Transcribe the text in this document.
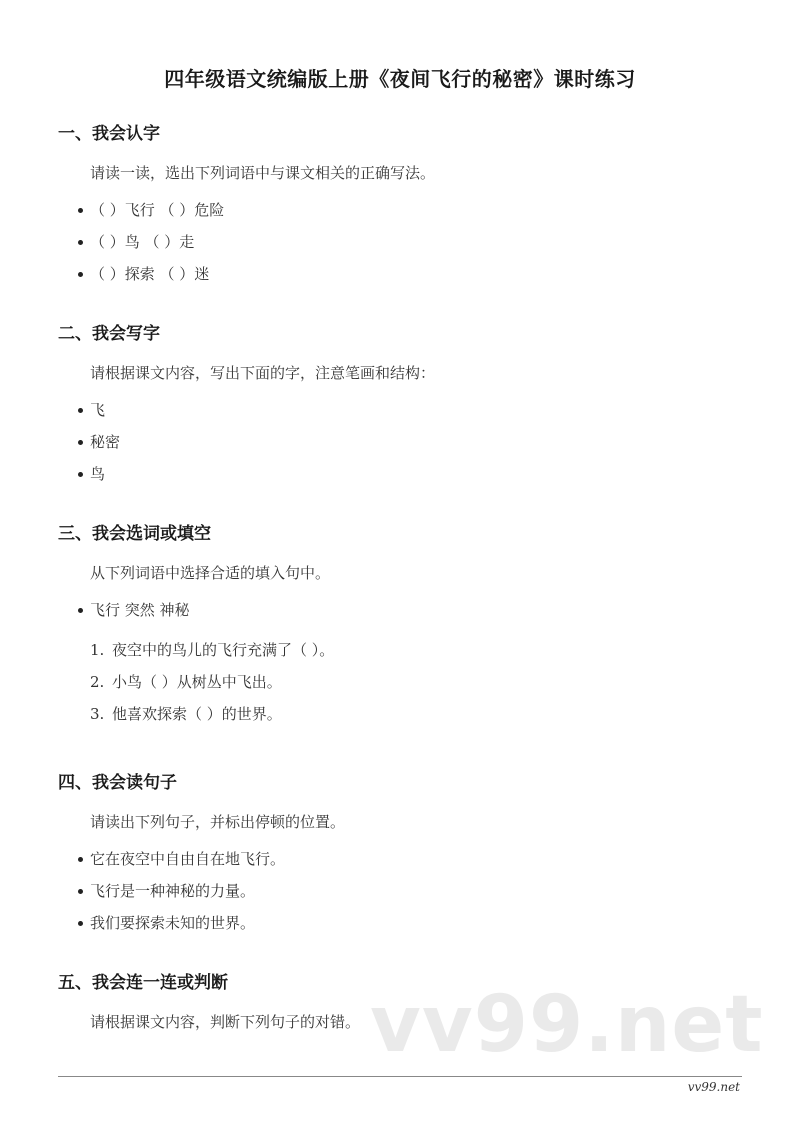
四年级语文统编版上册《夜间飞行的秘密》课时练习
一、我会认字

请读一读，选出下列词语中与课文相关的正确写法。

（ ）飞行 （ ）危险
（ ）鸟 （ ）走
（ ）探索 （ ）迷
二、我会写字

请根据课文内容，写出下面的字，注意笔画和结构：

飞
秘密
鸟
三、我会选词或填空

从下列词语中选择合适的填入句中。

飞行 突然 神秘
1. 夜空中的鸟儿的飞行充满了（ ）。
2. 小鸟（ ）从树丛中飞出。
3. 他喜欢探索（ ）的世界。
四、我会读句子

请读出下列句子，并标出停顿的位置。

它在夜空中自由自在地飞行。
飞行是一种神秘的力量。
我们要探索未知的世界。
五、我会连一连或判断

请根据课文内容，判断下列句子的对错。 vv99.net
vv99.net
